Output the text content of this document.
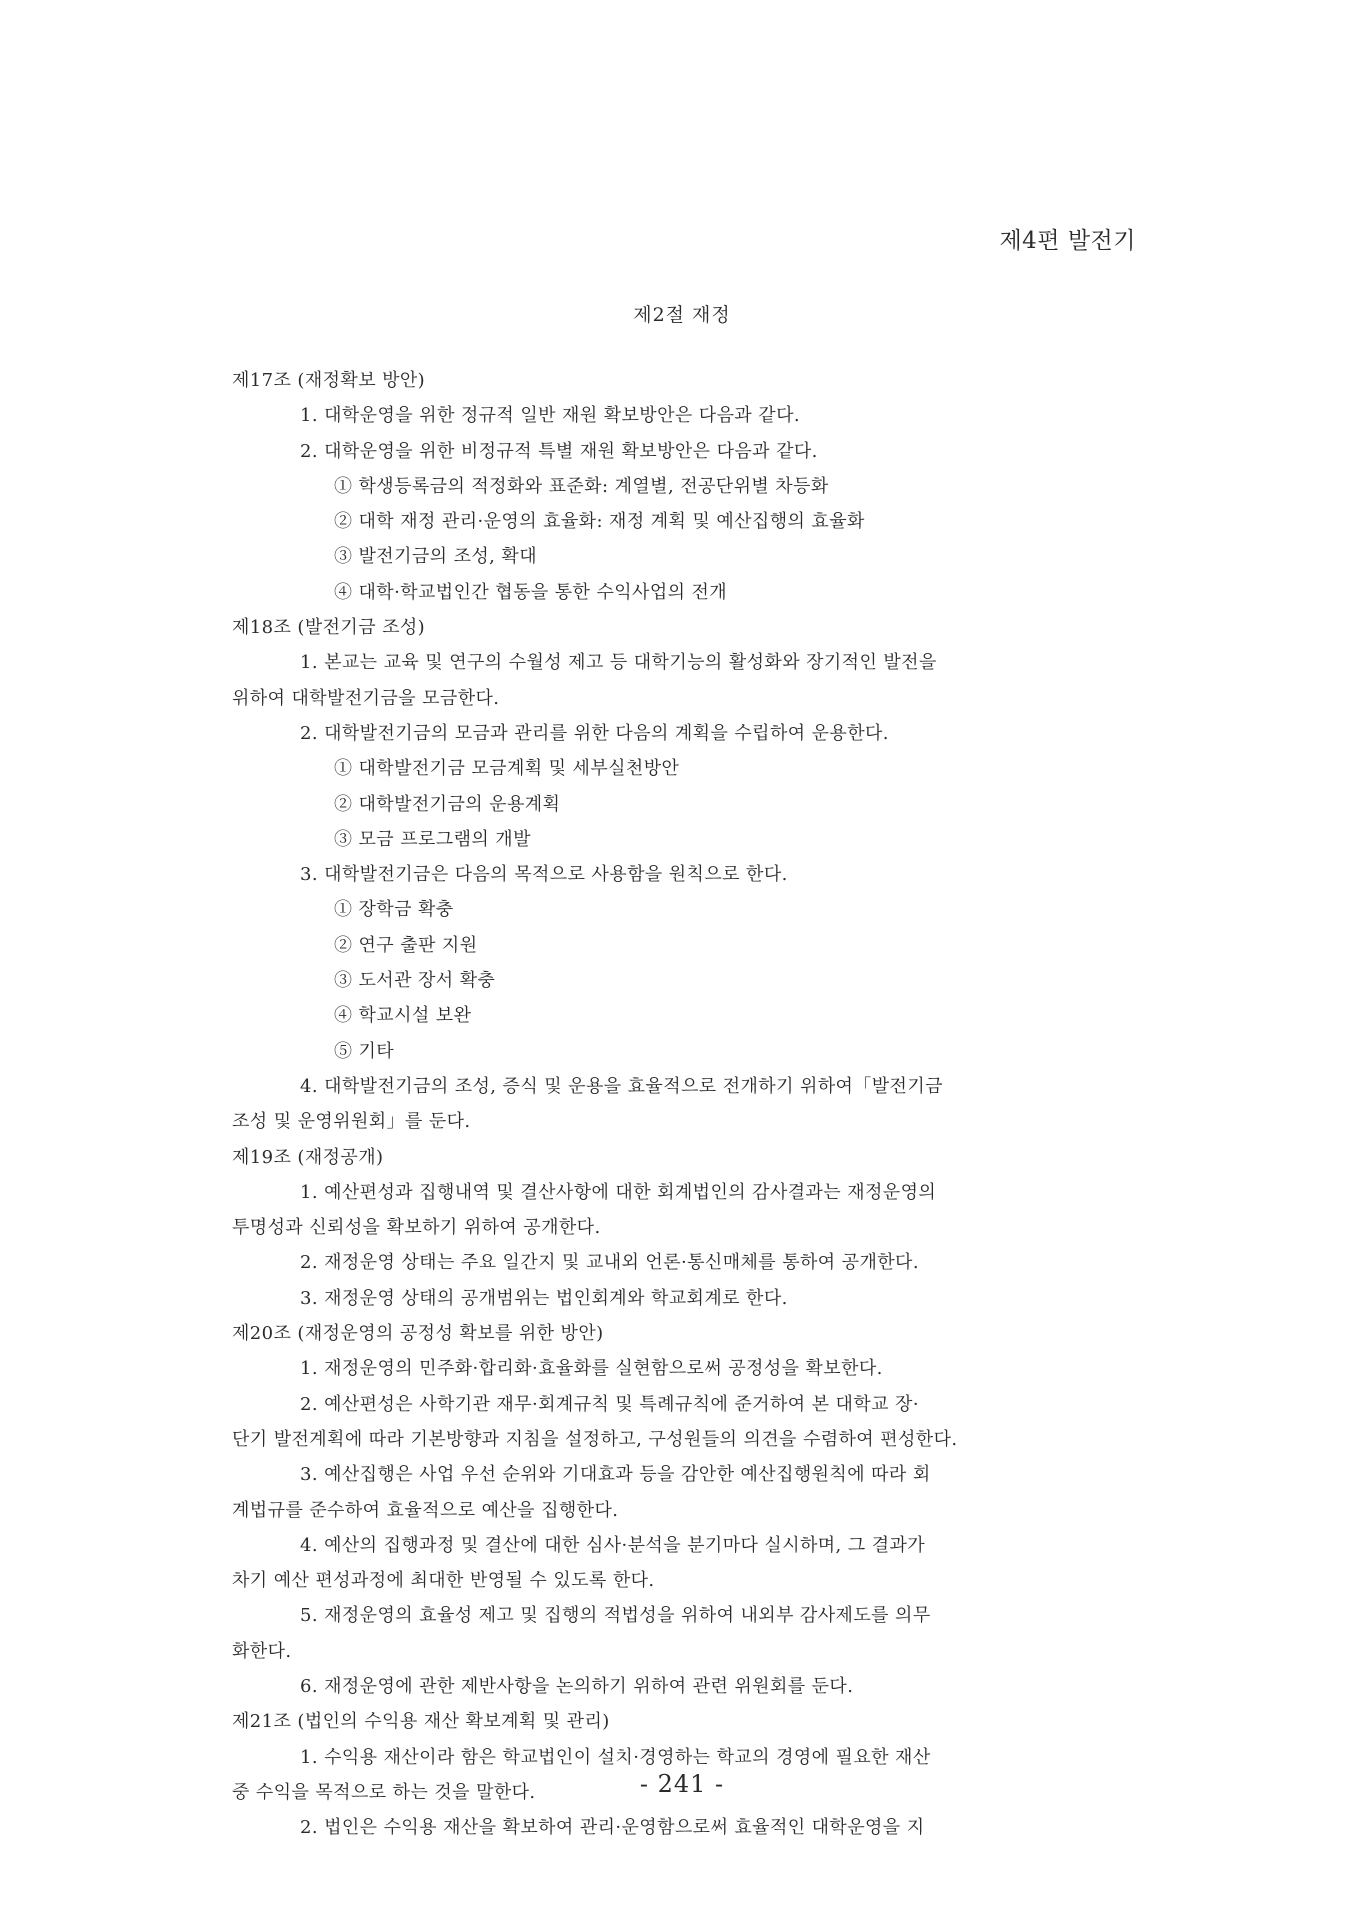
제4편 발전기
제2절 재정
제17조 (재정확보 방안)
1. 대학운영을 위한 정규적 일반 재원 확보방안은 다음과 같다.
2. 대학운영을 위한 비정규적 특별 재원 확보방안은 다음과 같다.
① 학생등록금의 적정화와 표준화: 계열별, 전공단위별 차등화
② 대학 재정 관리·운영의 효율화: 재정 계획 및 예산집행의 효율화
③ 발전기금의 조성, 확대
④ 대학·학교법인간 협동을 통한 수익사업의 전개
제18조 (발전기금 조성)
1. 본교는 교육 및 연구의 수월성 제고 등 대학기능의 활성화와 장기적인 발전을
위하여 대학발전기금을 모금한다.
2. 대학발전기금의 모금과 관리를 위한 다음의 계획을 수립하여 운용한다.
① 대학발전기금 모금계획 및 세부실천방안
② 대학발전기금의 운용계획
③ 모금 프로그램의 개발
3. 대학발전기금은 다음의 목적으로 사용함을 원칙으로 한다.
① 장학금 확충
② 연구 출판 지원
③ 도서관 장서 확충
④ 학교시설 보완
⑤ 기타
4. 대학발전기금의 조성, 증식 및 운용을 효율적으로 전개하기 위하여「발전기금
조성 및 운영위원회」를 둔다.
제19조 (재정공개)
1. 예산편성과 집행내역 및 결산사항에 대한 회계법인의 감사결과는 재정운영의
투명성과 신뢰성을 확보하기 위하여 공개한다.
2. 재정운영 상태는 주요 일간지 및 교내외 언론·통신매체를 통하여 공개한다.
3. 재정운영 상태의 공개범위는 법인회계와 학교회계로 한다.
제20조 (재정운영의 공정성 확보를 위한 방안)
1. 재정운영의 민주화·합리화·효율화를 실현함으로써 공정성을 확보한다.
2. 예산편성은 사학기관 재무·회계규칙 및 특례규칙에 준거하여 본 대학교 장·
단기 발전계획에 따라 기본방향과 지침을 설정하고, 구성원들의 의견을 수렴하여 편성한다.
3. 예산집행은 사업 우선 순위와 기대효과 등을 감안한 예산집행원칙에 따라 회
계법규를 준수하여 효율적으로 예산을 집행한다.
4. 예산의 집행과정 및 결산에 대한 심사·분석을 분기마다 실시하며, 그 결과가
차기 예산 편성과정에 최대한 반영될 수 있도록 한다.
5. 재정운영의 효율성 제고 및 집행의 적법성을 위하여 내외부 감사제도를 의무
화한다.
6. 재정운영에 관한 제반사항을 논의하기 위하여 관련 위원회를 둔다.
제21조 (법인의 수익용 재산 확보계획 및 관리)
1. 수익용 재산이라 함은 학교법인이 설치·경영하는 학교의 경영에 필요한 재산
중 수익을 목적으로 하는 것을 말한다.
2. 법인은 수익용 재산을 확보하여 관리·운영함으로써 효율적인 대학운영을 지
- 241 -
